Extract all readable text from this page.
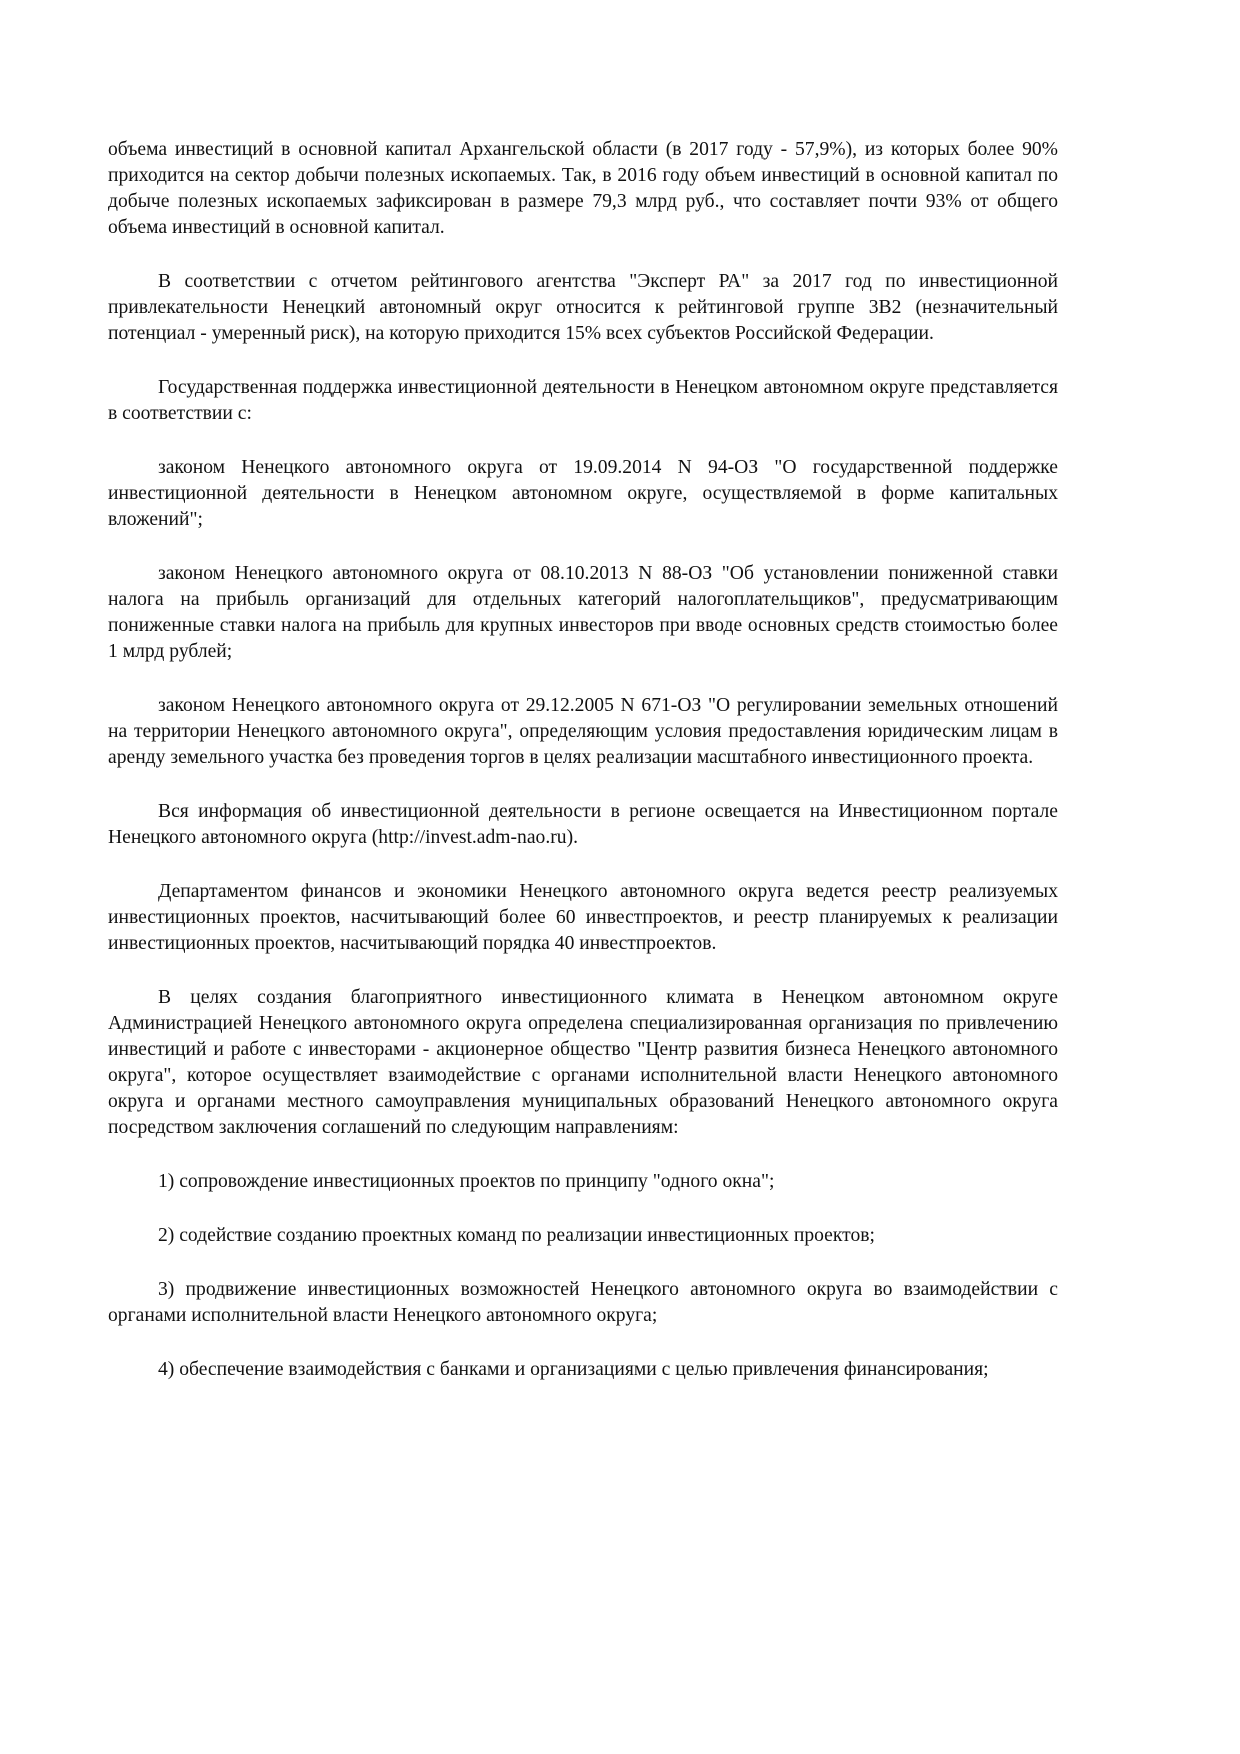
объема инвестиций в основной капитал Архангельской области (в 2017 году - 57,9%), из которых более 90% приходится на сектор добычи полезных ископаемых. Так, в 2016 году объем инвестиций в основной капитал по добыче полезных ископаемых зафиксирован в размере 79,3 млрд руб., что составляет почти 93% от общего объема инвестиций в основной капитал.

В соответствии с отчетом рейтингового агентства "Эксперт РА" за 2017 год по инвестиционной привлекательности Ненецкий автономный округ относится к рейтинговой группе 3В2 (незначительный потенциал - умеренный риск), на которую приходится 15% всех субъектов Российской Федерации.

Государственная поддержка инвестиционной деятельности в Ненецком автономном округе представляется в соответствии с:

законом Ненецкого автономного округа от 19.09.2014 N 94-ОЗ "О государственной поддержке инвестиционной деятельности в Ненецком автономном округе, осуществляемой в форме капитальных вложений";

законом Ненецкого автономного округа от 08.10.2013 N 88-ОЗ "Об установлении пониженной ставки налога на прибыль организаций для отдельных категорий налогоплательщиков", предусматривающим пониженные ставки налога на прибыль для крупных инвесторов при вводе основных средств стоимостью более 1 млрд рублей;

законом Ненецкого автономного округа от 29.12.2005 N 671-ОЗ "О регулировании земельных отношений на территории Ненецкого автономного округа", определяющим условия предоставления юридическим лицам в аренду земельного участка без проведения торгов в целях реализации масштабного инвестиционного проекта.

Вся информация об инвестиционной деятельности в регионе освещается на Инвестиционном портале Ненецкого автономного округа (http://invest.adm-nao.ru).

Департаментом финансов и экономики Ненецкого автономного округа ведется реестр реализуемых инвестиционных проектов, насчитывающий более 60 инвестпроектов, и реестр планируемых к реализации инвестиционных проектов, насчитывающий порядка 40 инвестпроектов.

В целях создания благоприятного инвестиционного климата в Ненецком автономном округе Администрацией Ненецкого автономного округа определена специализированная организация по привлечению инвестиций и работе с инвесторами - акционерное общество "Центр развития бизнеса Ненецкого автономного округа", которое осуществляет взаимодействие с органами исполнительной власти Ненецкого автономного округа и органами местного самоуправления муниципальных образований Ненецкого автономного округа посредством заключения соглашений по следующим направлениям:

1) сопровождение инвестиционных проектов по принципу "одного окна";

2) содействие созданию проектных команд по реализации инвестиционных проектов;

3) продвижение инвестиционных возможностей Ненецкого автономного округа во взаимодействии с органами исполнительной власти Ненецкого автономного округа;

4) обеспечение взаимодействия с банками и организациями с целью привлечения финансирования;
